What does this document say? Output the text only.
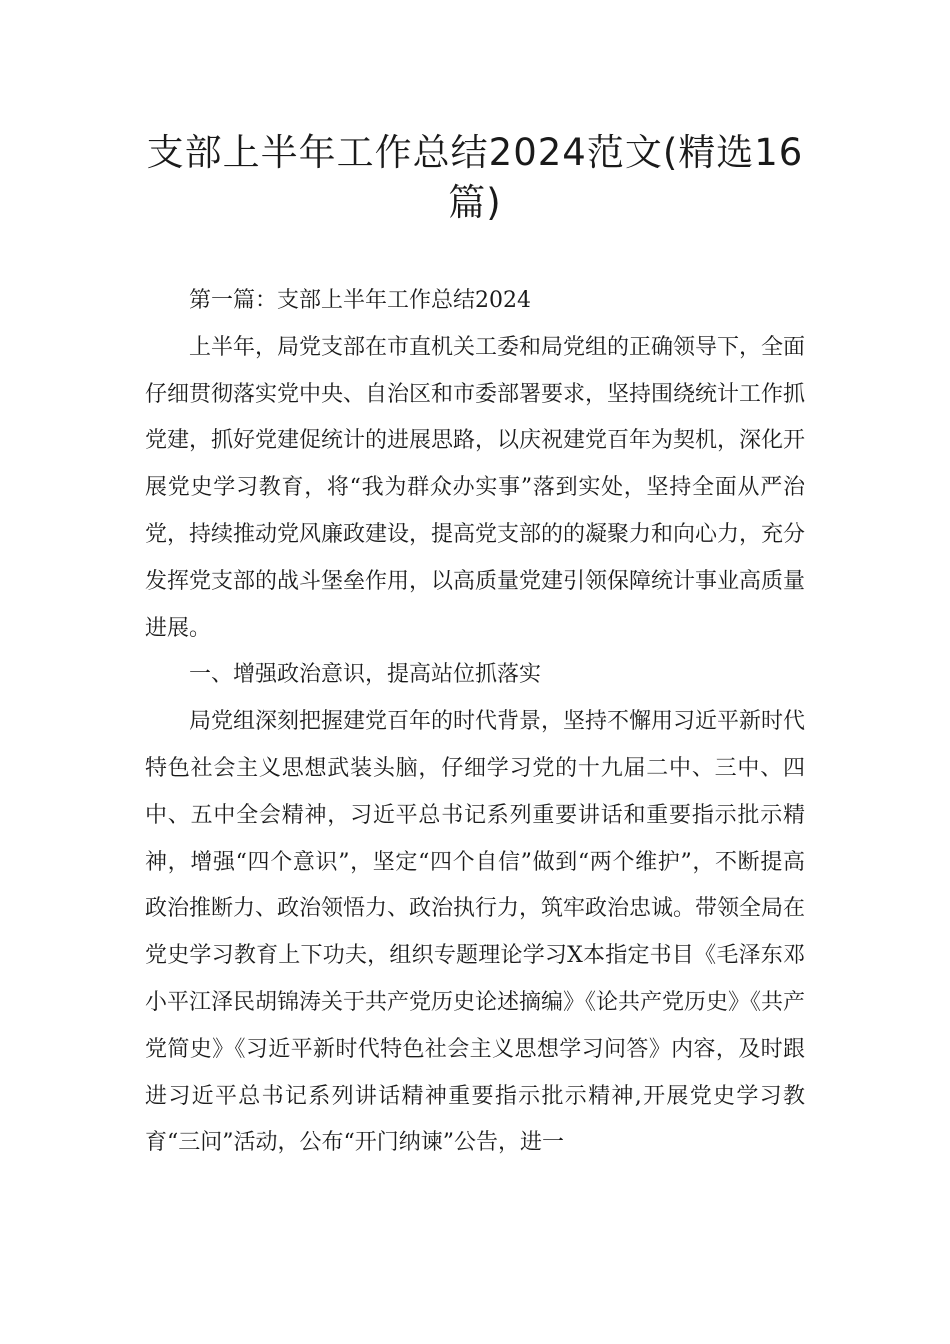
支部上半年工作总结2024范文(精选16篇)

第一篇：支部上半年工作总结2024

上半年，局党支部在市直机关工委和局党组的正确领导下，全面仔细贯彻落实党中央、自治区和市委部署要求，坚持围绕统计工作抓党建，抓好党建促统计的进展思路，以庆祝建党百年为契机，深化开展党史学习教育，将“我为群众办实事”落到实处，坚持全面从严治党，持续推动党风廉政建设，提高党支部的的凝聚力和向心力，充分发挥党支部的战斗堡垒作用，以高质量党建引领保障统计事业高质量进展。

一、增强政治意识，提高站位抓落实

局党组深刻把握建党百年的时代背景，坚持不懈用习近平新时代特色社会主义思想武装头脑，仔细学习党的十九届二中、三中、四中、五中全会精神，习近平总书记系列重要讲话和重要指示批示精神，增强“四个意识”，坚定“四个自信”做到“两个维护”，不断提高政治推断力、政治领悟力、政治执行力，筑牢政治忠诚。带领全局在党史学习教育上下功夫，组织专题理论学习X本指定书目《毛泽东邓小平江泽民胡锦涛关于共产党历史论述摘编》《论共产党历史》《共产党简史》《习近平新时代特色社会主义思想学习问答》内容，及时跟进习近平总书记系列讲话精神重要指示批示精神,开展党史学习教育“三问”活动，公布“开门纳谏”公告，进一
